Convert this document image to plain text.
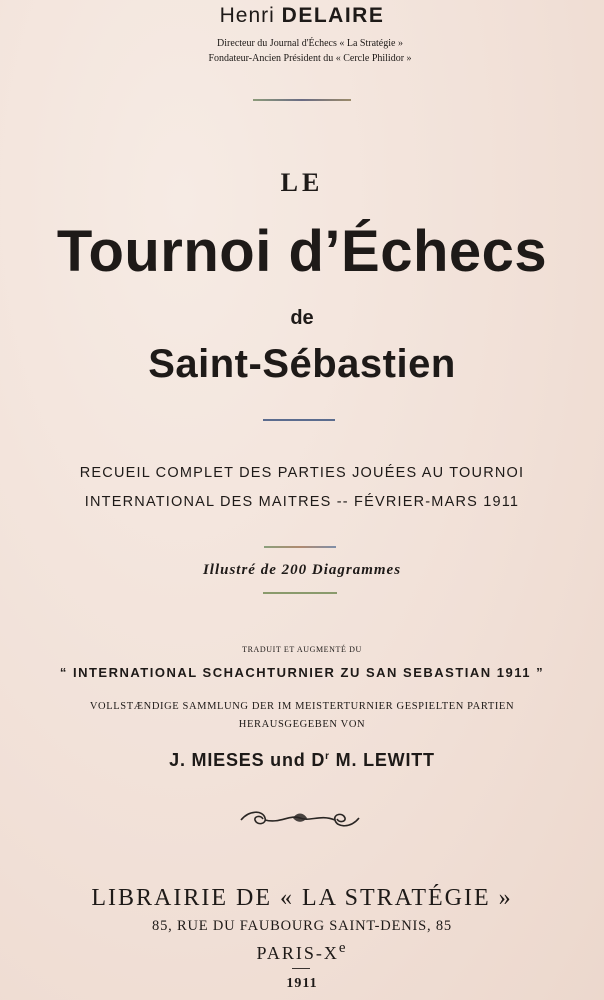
Henri DELAIRE
Directeur du Journal d'Échecs « La Stratégie »
Fondateur-Ancien Président du « Cercle Philidor »
LE
Tournoi d’Échecs
de
Saint-Sébastien
RECUEIL COMPLET DES PARTIES JOUÉES AU TOURNOI
INTERNATIONAL DES MAITRES -- FÉVRIER-MARS 1911
Illustré de 200 Diagrammes
TRADUIT ET AUGMENTÉ DU
“ INTERNATIONAL SCHACHTURNIER ZU SAN SEBASTIAN 1911 ”
VOLLSTÆNDIGE SAMMLUNG DER IM MEISTERTURNIER GESPIELTEN PARTIEN
HERAUSGEGEBEN VON
J. MIESES und $D^r$ M. LEWITT
LIBRAIRIE DE « LA STRATÉGIE »
85, RUE DU FAUBOURG SAINT-DENIS, 85
PARIS-Xe
1911
